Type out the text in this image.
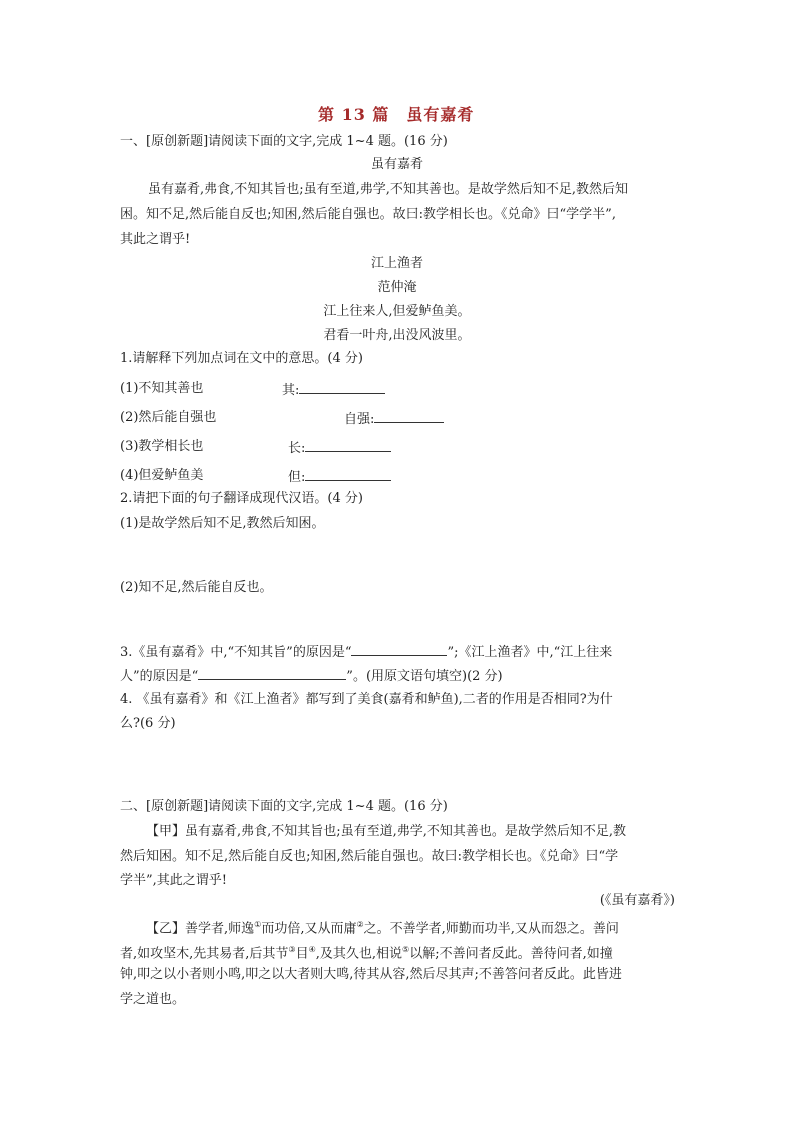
第 13 篇　虽有嘉肴
一、[原创新题]请阅读下面的文字,完成 1~4 题。(16 分)
虽有嘉肴
虽有嘉肴,弗食,不知其旨也;虽有至道,弗学,不知其善也。是故学然后知不足,教然后知
困。知不足,然后能自反也;知困,然后能自强也。故曰:教学相长也。《兑命》曰“学学半”,
其此之谓乎!
江上渔者
范仲淹
江上往来人,但爱鲈鱼美。
君看一叶舟,出没风波里。
1.请解释下列加点词在文中的意思。(4 分)
(1)不知其善也	其:
(2)然后能自强也	自强:
(3)教学相长也	长:
(4)但爱鲈鱼美	但:
2.请把下面的句子翻译成现代汉语。(4 分)
(1)是故学然后知不足,教然后知困。
(2)知不足,然后能自反也。
3.《虽有嘉肴》中,“不知其旨”的原因是“	”;《江上渔者》中,“江上往来
人”的原因是“	”。(用原文语句填空)(2 分)
4. 《虽有嘉肴》和《江上渔者》都写到了美食(嘉肴和鲈鱼),二者的作用是否相同?为什
么?(6 分)
二、[原创新题]请阅读下面的文字,完成 1~4 题。(16 分)
【甲】虽有嘉肴,弗食,不知其旨也;虽有至道,弗学,不知其善也。是故学然后知不足,教
然后知困。知不足,然后能自反也;知困,然后能自强也。故曰:教学相长也。《兑命》曰“学
学半”,其此之谓乎!
(《虽有嘉肴》)
【乙】善学者,师逸①而功倍,又从而庸②之。不善学者,师勤而功半,又从而怨之。善问
者,如攻坚木,先其易者,后其节③目④,及其久也,相说⑤以解;不善问者反此。善待问者,如撞
钟,叩之以小者则小鸣,叩之以大者则大鸣,待其从容,然后尽其声;不善答问者反此。此皆进
学之道也。
